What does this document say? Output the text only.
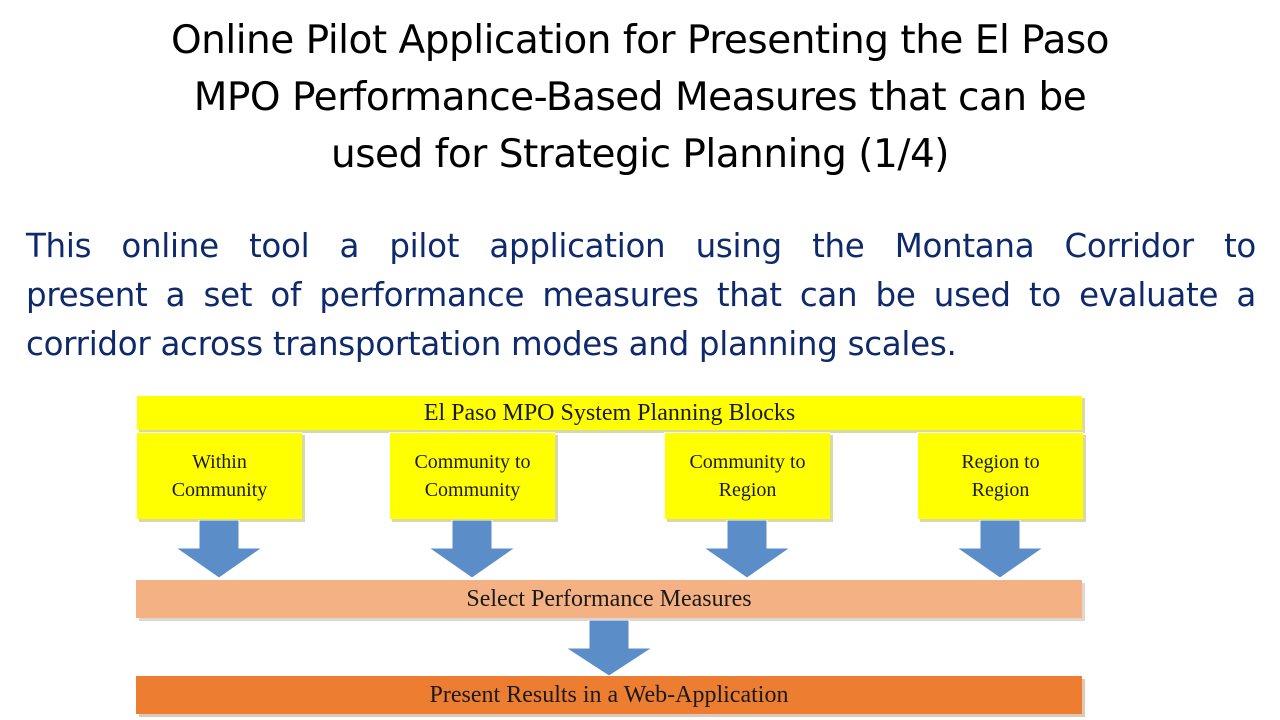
Online Pilot Application for Presenting the El Paso
MPO Performance-Based Measures that can be
used for Strategic Planning (1/4)

This online tool a pilot application using the Montana Corridor to
present a set of performance measures that can be used to evaluate a
corridor across transportation modes and planning scales.

El Paso MPO System Planning Blocks
Within
Community
Community to
Community
Community to
Region
Region to
Region
Select Performance Measures
Present Results in a Web-Application
